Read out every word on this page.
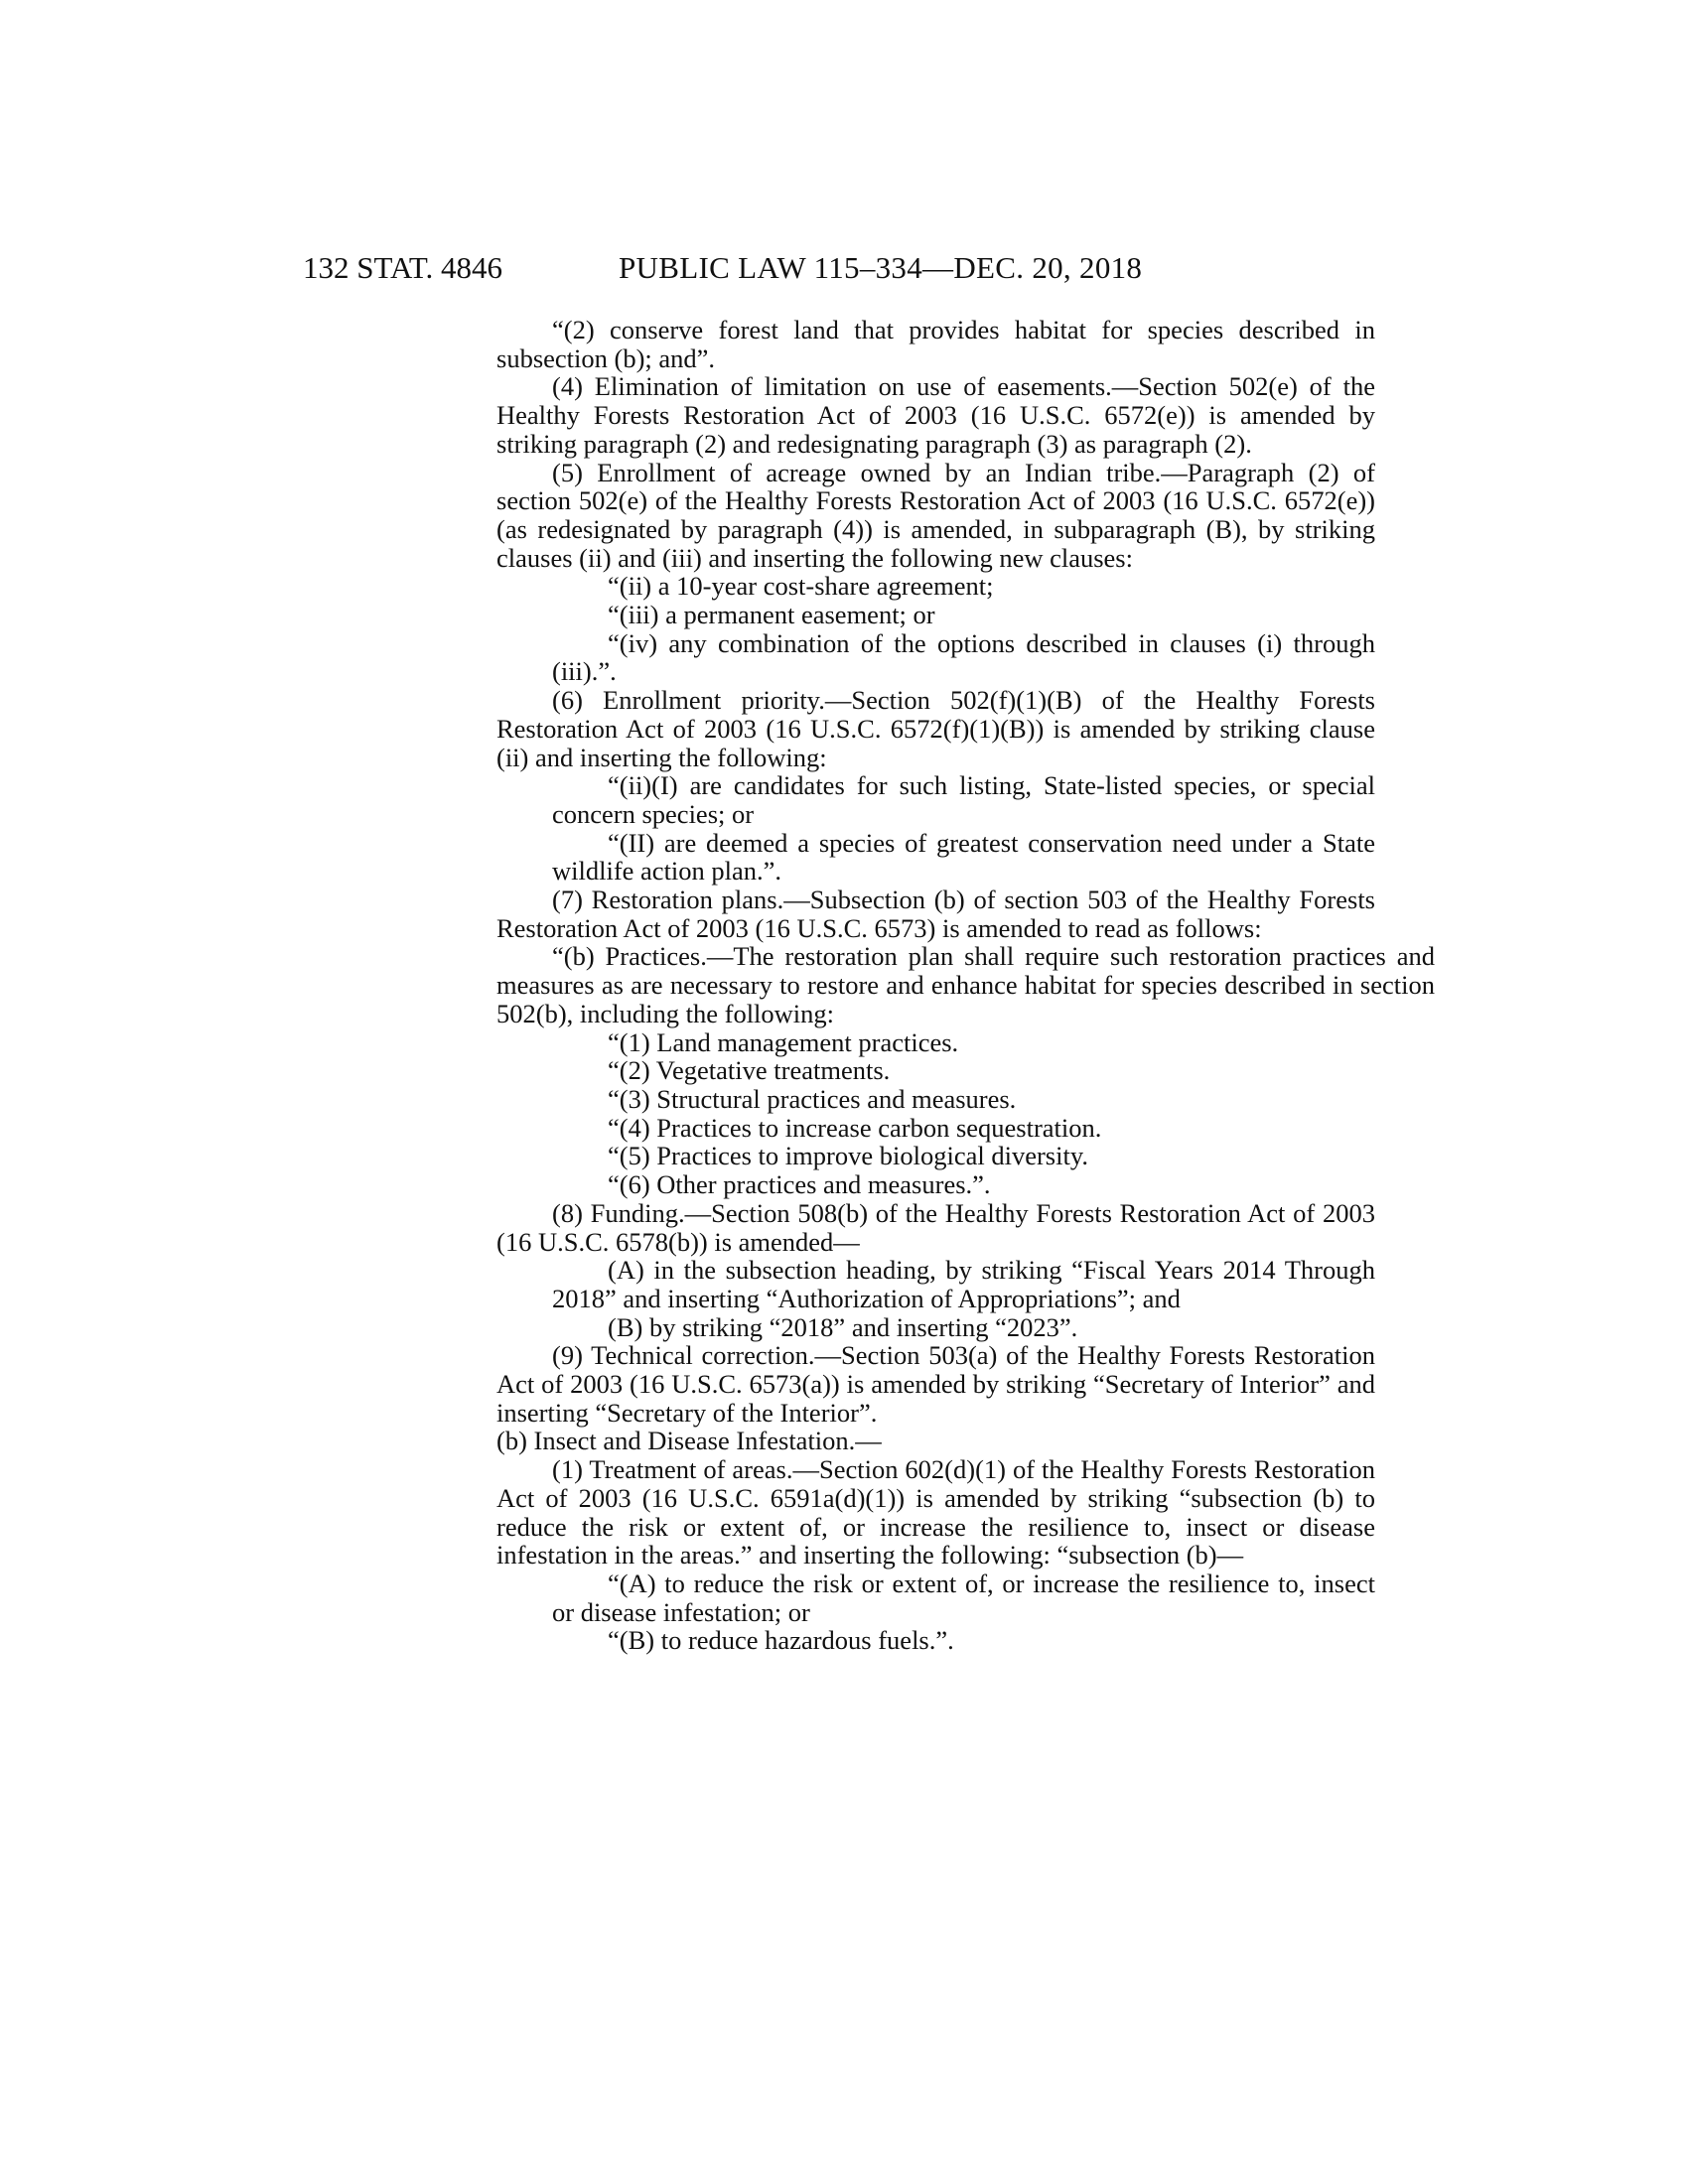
132 STAT. 4846	PUBLIC LAW 115–334—DEC. 20, 2018

“(2) conserve forest land that provides habitat for species described in subsection (b); and”.

(4) Elimination of limitation on use of easements.—Section 502(e) of the Healthy Forests Restoration Act of 2003 (16 U.S.C. 6572(e)) is amended by striking paragraph (2) and redesignating paragraph (3) as paragraph (2).

(5) Enrollment of acreage owned by an Indian tribe.—Paragraph (2) of section 502(e) of the Healthy Forests Restoration Act of 2003 (16 U.S.C. 6572(e)) (as redesignated by paragraph (4)) is amended, in subparagraph (B), by striking clauses (ii) and (iii) and inserting the following new clauses:

“(ii) a 10-year cost-share agreement;

“(iii) a permanent easement; or

“(iv) any combination of the options described in clauses (i) through (iii).”.

(6) Enrollment priority.—Section 502(f)(1)(B) of the Healthy Forests Restoration Act of 2003 (16 U.S.C. 6572(f)(1)(B)) is amended by striking clause (ii) and inserting the following:

“(ii)(I) are candidates for such listing, State-listed species, or special concern species; or

“(II) are deemed a species of greatest conservation need under a State wildlife action plan.”.

(7) Restoration plans.—Subsection (b) of section 503 of the Healthy Forests Restoration Act of 2003 (16 U.S.C. 6573) is amended to read as follows:

“(b) Practices.—The restoration plan shall require such restoration practices and measures as are necessary to restore and enhance habitat for species described in section 502(b), including the following:

“(1) Land management practices.

“(2) Vegetative treatments.

“(3) Structural practices and measures.

“(4) Practices to increase carbon sequestration.

“(5) Practices to improve biological diversity.

“(6) Other practices and measures.”.

(8) Funding.—Section 508(b) of the Healthy Forests Restoration Act of 2003 (16 U.S.C. 6578(b)) is amended—

(A) in the subsection heading, by striking “Fiscal Years 2014 Through 2018” and inserting “Authorization of Appropriations”; and

(B) by striking “2018” and inserting “2023”.

(9) Technical correction.—Section 503(a) of the Healthy Forests Restoration Act of 2003 (16 U.S.C. 6573(a)) is amended by striking “Secretary of Interior” and inserting “Secretary of the Interior”.

(b) Insect and Disease Infestation.—

(1) Treatment of areas.—Section 602(d)(1) of the Healthy Forests Restoration Act of 2003 (16 U.S.C. 6591a(d)(1)) is amended by striking “subsection (b) to reduce the risk or extent of, or increase the resilience to, insect or disease infestation in the areas.” and inserting the following: “subsection (b)—

“(A) to reduce the risk or extent of, or increase the resilience to, insect or disease infestation; or

“(B) to reduce hazardous fuels.”.
